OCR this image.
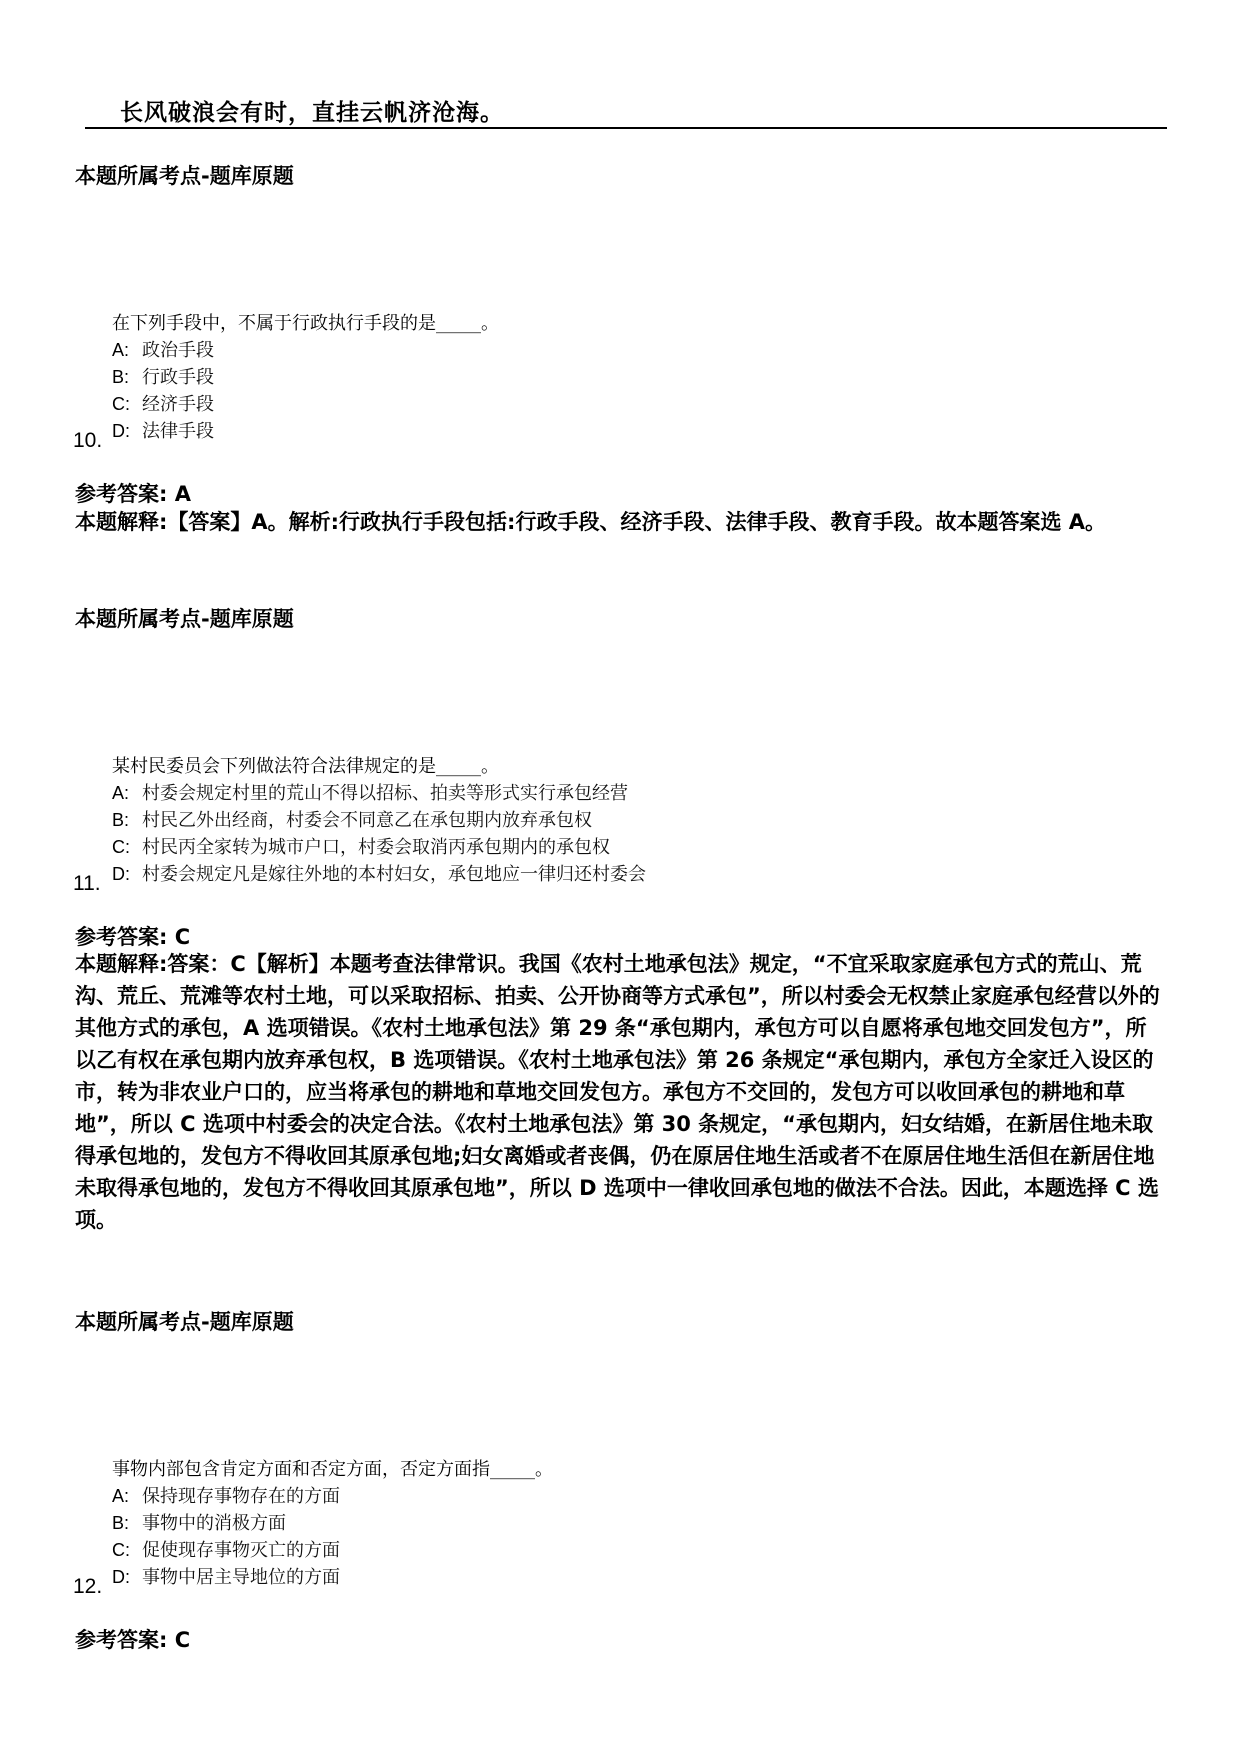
长风破浪会有时，直挂云帆济沧海。
本题所属考点-题库原题
在下列手段中，不属于行政执行手段的是_____。
A: 政治手段
B: 行政手段
C: 经济手段
D: 法律手段
10.
参考答案: A
本题解释:【答案】A。解析:行政执行手段包括:行政手段、经济手段、法律手段、教育手段。故本题答案选 A。
本题所属考点-题库原题
某村民委员会下列做法符合法律规定的是_____。
A: 村委会规定村里的荒山不得以招标、拍卖等形式实行承包经营
B: 村民乙外出经商，村委会不同意乙在承包期内放弃承包权
C: 村民丙全家转为城市户口，村委会取消丙承包期内的承包权
D: 村委会规定凡是嫁往外地的本村妇女，承包地应一律归还村委会
11.
参考答案: C
本题解释:答案：C【解析】本题考查法律常识。我国《农村土地承包法》规定，“不宜采取家庭承包方式的荒山、荒沟、荒丘、荒滩等农村土地，可以采取招标、拍卖、公开协商等方式承包”，所以村委会无权禁止家庭承包经营以外的其他方式的承包，A 选项错误。《农村土地承包法》第 29 条“承包期内，承包方可以自愿将承包地交回发包方”，所以乙有权在承包期内放弃承包权，B 选项错误。《农村土地承包法》第 26 条规定“承包期内，承包方全家迁入设区的市，转为非农业户口的，应当将承包的耕地和草地交回发包方。承包方不交回的，发包方可以收回承包的耕地和草地”，所以 C 选项中村委会的决定合法。《农村土地承包法》第 30 条规定，“承包期内，妇女结婚，在新居住地未取得承包地的，发包方不得收回其原承包地;妇女离婚或者丧偶，仍在原居住地生活或者不在原居住地生活但在新居住地未取得承包地的，发包方不得收回其原承包地”，所以 D 选项中一律收回承包地的做法不合法。因此，本题选择 C 选项。
本题所属考点-题库原题
事物内部包含肯定方面和否定方面，否定方面指_____。
A: 保持现存事物存在的方面
B: 事物中的消极方面
C: 促使现存事物灭亡的方面
D: 事物中居主导地位的方面
12.
参考答案: C
